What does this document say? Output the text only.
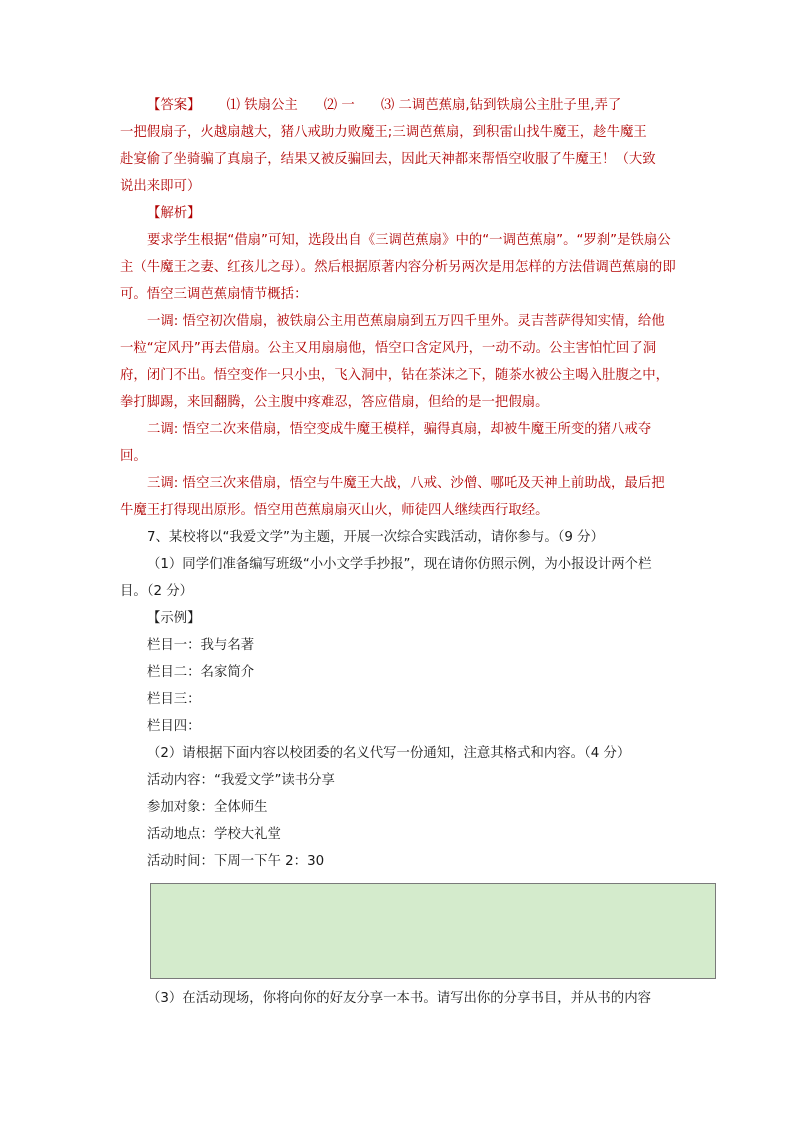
【答案】 ⑴ 铁扇公主 ⑵ 一 ⑶ 二调芭蕉扇,钻到铁扇公主肚子里,弄了

一把假扇子，火越扇越大，猪八戒助力败魔王;三调芭蕉扇，到积雷山找牛魔王，趁牛魔王

赴宴偷了坐骑骗了真扇子，结果又被反骗回去，因此天神都来帮悟空收服了牛魔王！（大致

说出来即可）

【解析】

要求学生根据“借扇”可知，选段出自《三调芭蕉扇》中的“一调芭蕉扇”。“罗刹”是铁扇公主（牛魔王之妻、红孩儿之母）。然后根据原著内容分析另两次是用怎样的方法借调芭蕉扇的即可。悟空三调芭蕉扇情节概括：

一调: 悟空初次借扇，被铁扇公主用芭蕉扇扇到五万四千里外。灵吉菩萨得知实情，给他一粒“定风丹”再去借扇。公主又用扇扇他，悟空口含定风丹，一动不动。公主害怕忙回了洞府，闭门不出。悟空变作一只小虫，飞入洞中，钻在茶沫之下，随茶水被公主喝入肚腹之中，拳打脚踢，来回翻腾，公主腹中疼难忍，答应借扇，但给的是一把假扇。

二调: 悟空二次来借扇，悟空变成牛魔王模样，骗得真扇，却被牛魔王所变的猪八戒夺回。

三调: 悟空三次来借扇，悟空与牛魔王大战，八戒、沙僧、哪吒及天神上前助战，最后把牛魔王打得现出原形。悟空用芭蕉扇扇灭山火，师徒四人继续西行取经。

7、某校将以“我爱文学”为主题，开展一次综合实践活动，请你参与。（9 分）

（1）同学们准备编写班级“小小文学手抄报”，现在请你仿照示例，为小报设计两个栏目。（2 分）

【示例】

栏目一：我与名著

栏目二：名家简介

栏目三：

栏目四：

（2）请根据下面内容以校团委的名义代写一份通知，注意其格式和内容。（4 分）

活动内容：“我爱文学”读书分享

参加对象：全体师生

活动地点：学校大礼堂

活动时间：下周一下午 2：30

（3）在活动现场，你将向你的好友分享一本书。请写出你的分享书目，并从书的内容
